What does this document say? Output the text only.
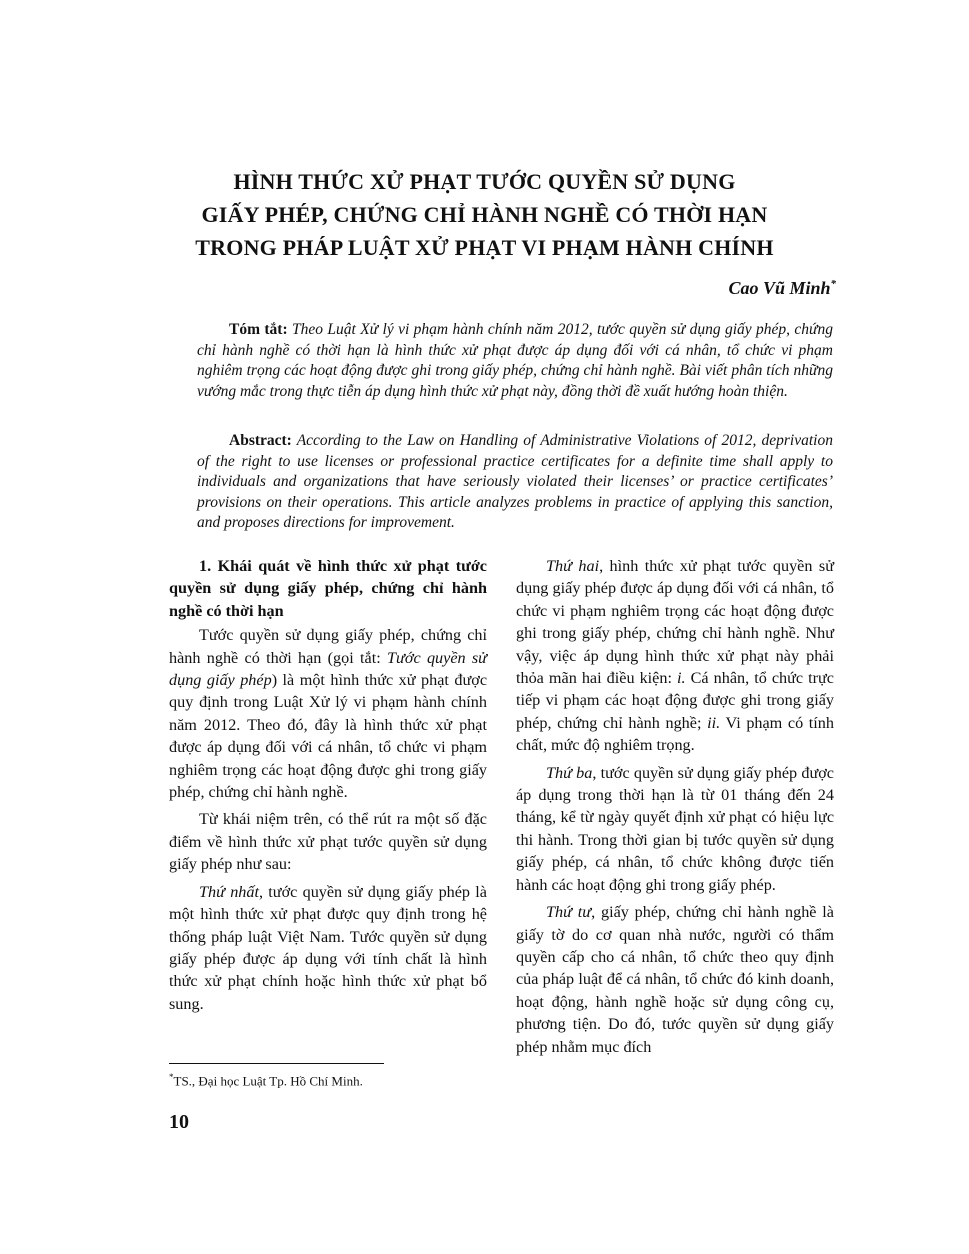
HÌNH THỨC XỬ PHẠT TƯỚC QUYỀN SỬ DỤNG
GIẤY PHÉP, CHỨNG CHỈ HÀNH NGHỀ CÓ THỜI HẠN
TRONG PHÁP LUẬT XỬ PHẠT VI PHẠM HÀNH CHÍNH
Cao Vũ Minh*
Tóm tắt: Theo Luật Xử lý vi phạm hành chính năm 2012, tước quyền sử dụng giấy phép, chứng chỉ hành nghề có thời hạn là hình thức xử phạt được áp dụng đối với cá nhân, tổ chức vi phạm nghiêm trọng các hoạt động được ghi trong giấy phép, chứng chỉ hành nghề. Bài viết phân tích những vướng mắc trong thực tiễn áp dụng hình thức xử phạt này, đồng thời đề xuất hướng hoàn thiện.
Abstract: According to the Law on Handling of Administrative Violations of 2012, deprivation of the right to use licenses or professional practice certificates for a definite time shall apply to individuals and organizations that have seriously violated their licenses’ or practice certificates’ provisions on their operations. This article analyzes problems in practice of applying this sanction, and proposes directions for improvement.
1. Khái quát về hình thức xử phạt tước quyền sử dụng giấy phép, chứng chỉ hành nghề có thời hạn

Tước quyền sử dụng giấy phép, chứng chỉ hành nghề có thời hạn (gọi tắt: Tước quyền sử dụng giấy phép) là một hình thức xử phạt được quy định trong Luật Xử lý vi phạm hành chính năm 2012. Theo đó, đây là hình thức xử phạt được áp dụng đối với cá nhân, tổ chức vi phạm nghiêm trọng các hoạt động được ghi trong giấy phép, chứng chỉ hành nghề.

Từ khái niệm trên, có thể rút ra một số đặc điểm về hình thức xử phạt tước quyền sử dụng giấy phép như sau:

Thứ nhất, tước quyền sử dụng giấy phép là một hình thức xử phạt được quy định trong hệ thống pháp luật Việt Nam. Tước quyền sử dụng giấy phép được áp dụng với tính chất là hình thức xử phạt chính hoặc hình thức xử phạt bổ sung.

Thứ hai, hình thức xử phạt tước quyền sử dụng giấy phép được áp dụng đối với cá nhân, tổ chức vi phạm nghiêm trọng các hoạt động được ghi trong giấy phép, chứng chỉ hành nghề. Như vậy, việc áp dụng hình thức xử phạt này phải thỏa mãn hai điều kiện: i. Cá nhân, tổ chức trực tiếp vi phạm các hoạt động được ghi trong giấy phép, chứng chỉ hành nghề; ii. Vi phạm có tính chất, mức độ nghiêm trọng.

Thứ ba, tước quyền sử dụng giấy phép được áp dụng trong thời hạn là từ 01 tháng đến 24 tháng, kể từ ngày quyết định xử phạt có hiệu lực thi hành. Trong thời gian bị tước quyền sử dụng giấy phép, cá nhân, tổ chức không được tiến hành các hoạt động ghi trong giấy phép.

Thứ tư, giấy phép, chứng chỉ hành nghề là giấy tờ do cơ quan nhà nước, người có thẩm quyền cấp cho cá nhân, tổ chức theo quy định của pháp luật để cá nhân, tổ chức đó kinh doanh, hoạt động, hành nghề hoặc sử dụng công cụ, phương tiện. Do đó, tước quyền sử dụng giấy phép nhằm mục đích

*TS., Đại học Luật Tp. Hồ Chí Minh.
10
